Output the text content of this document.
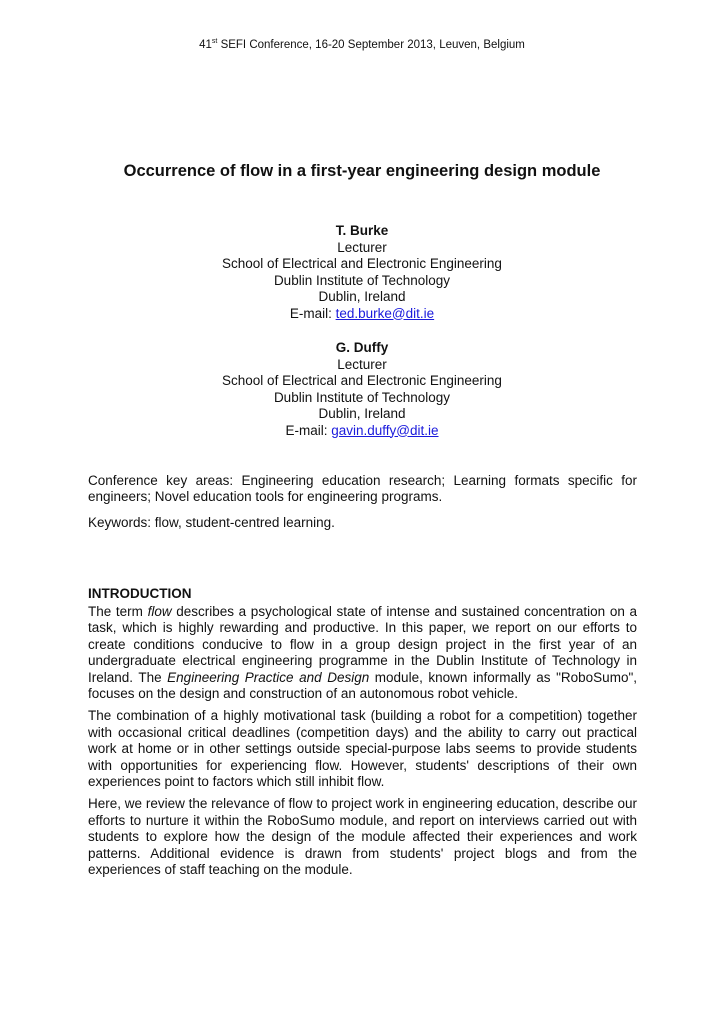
41st SEFI Conference, 16-20 September 2013, Leuven, Belgium
Occurrence of flow in a first-year engineering design module
T. Burke
Lecturer
School of Electrical and Electronic Engineering
Dublin Institute of Technology
Dublin, Ireland
E-mail: ted.burke@dit.ie
G. Duffy
Lecturer
School of Electrical and Electronic Engineering
Dublin Institute of Technology
Dublin, Ireland
E-mail: gavin.duffy@dit.ie

Conference key areas: Engineering education research; Learning formats specific for engineers; Novel education tools for engineering programs.

Keywords: flow, student-centred learning.

INTRODUCTION

The term flow describes a psychological state of intense and sustained concentration on a task, which is highly rewarding and productive. In this paper, we report on our efforts to create conditions conducive to flow in a group design project in the first year of an undergraduate electrical engineering programme in the Dublin Institute of Technology in Ireland. The Engineering Practice and Design module, known informally as "RoboSumo", focuses on the design and construction of an autonomous robot vehicle.

The combination of a highly motivational task (building a robot for a competition) together with occasional critical deadlines (competition days) and the ability to carry out practical work at home or in other settings outside special-purpose labs seems to provide students with opportunities for experiencing flow. However, students' descriptions of their own experiences point to factors which still inhibit flow.

Here, we review the relevance of flow to project work in engineering education, describe our efforts to nurture it within the RoboSumo module, and report on interviews carried out with students to explore how the design of the module affected their experiences and work patterns. Additional evidence is drawn from students' project blogs and from the experiences of staff teaching on the module.
